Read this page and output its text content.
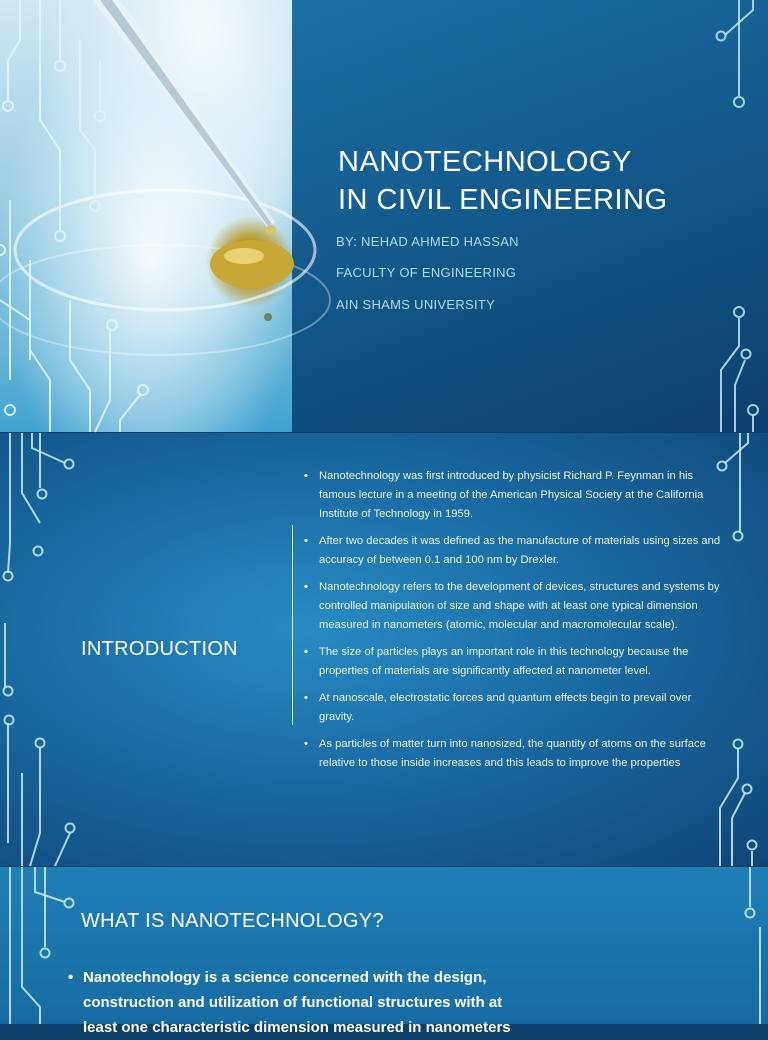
NANOTECHNOLOGY
IN CIVIL ENGINEERING
BY: NEHAD AHMED HASSAN
FACULTY OF ENGINEERING
AIN SHAMS UNIVERSITY
INTRODUCTION
• Nanotechnology was first introduced by physicist Richard P. Feynman in his famous lecture in a meeting of the American Physical Society at the California Institute of Technology in 1959.
• After two decades it was defined as the manufacture of materials using sizes and accuracy of between 0.1 and 100 nm by Drexler.
• Nanotechnology refers to the development of devices, structures and systems by controlled manipulation of size and shape with at least one typical dimension measured in nanometers (atomic, molecular and macromolecular scale).
• The size of particles plays an important role in this technology because the properties of materials are significantly affected at nanometer level.
• At nanoscale, electrostatic forces and quantum effects begin to prevail over gravity.
• As particles of matter turn into nanosized, the quantity of atoms on the surface relative to those inside increases and this leads to improve the properties
WHAT IS NANOTECHNOLOGY?
• Nanotechnology is a science concerned with the design, construction and utilization of functional structures with at least one characteristic dimension measured in nanometers
